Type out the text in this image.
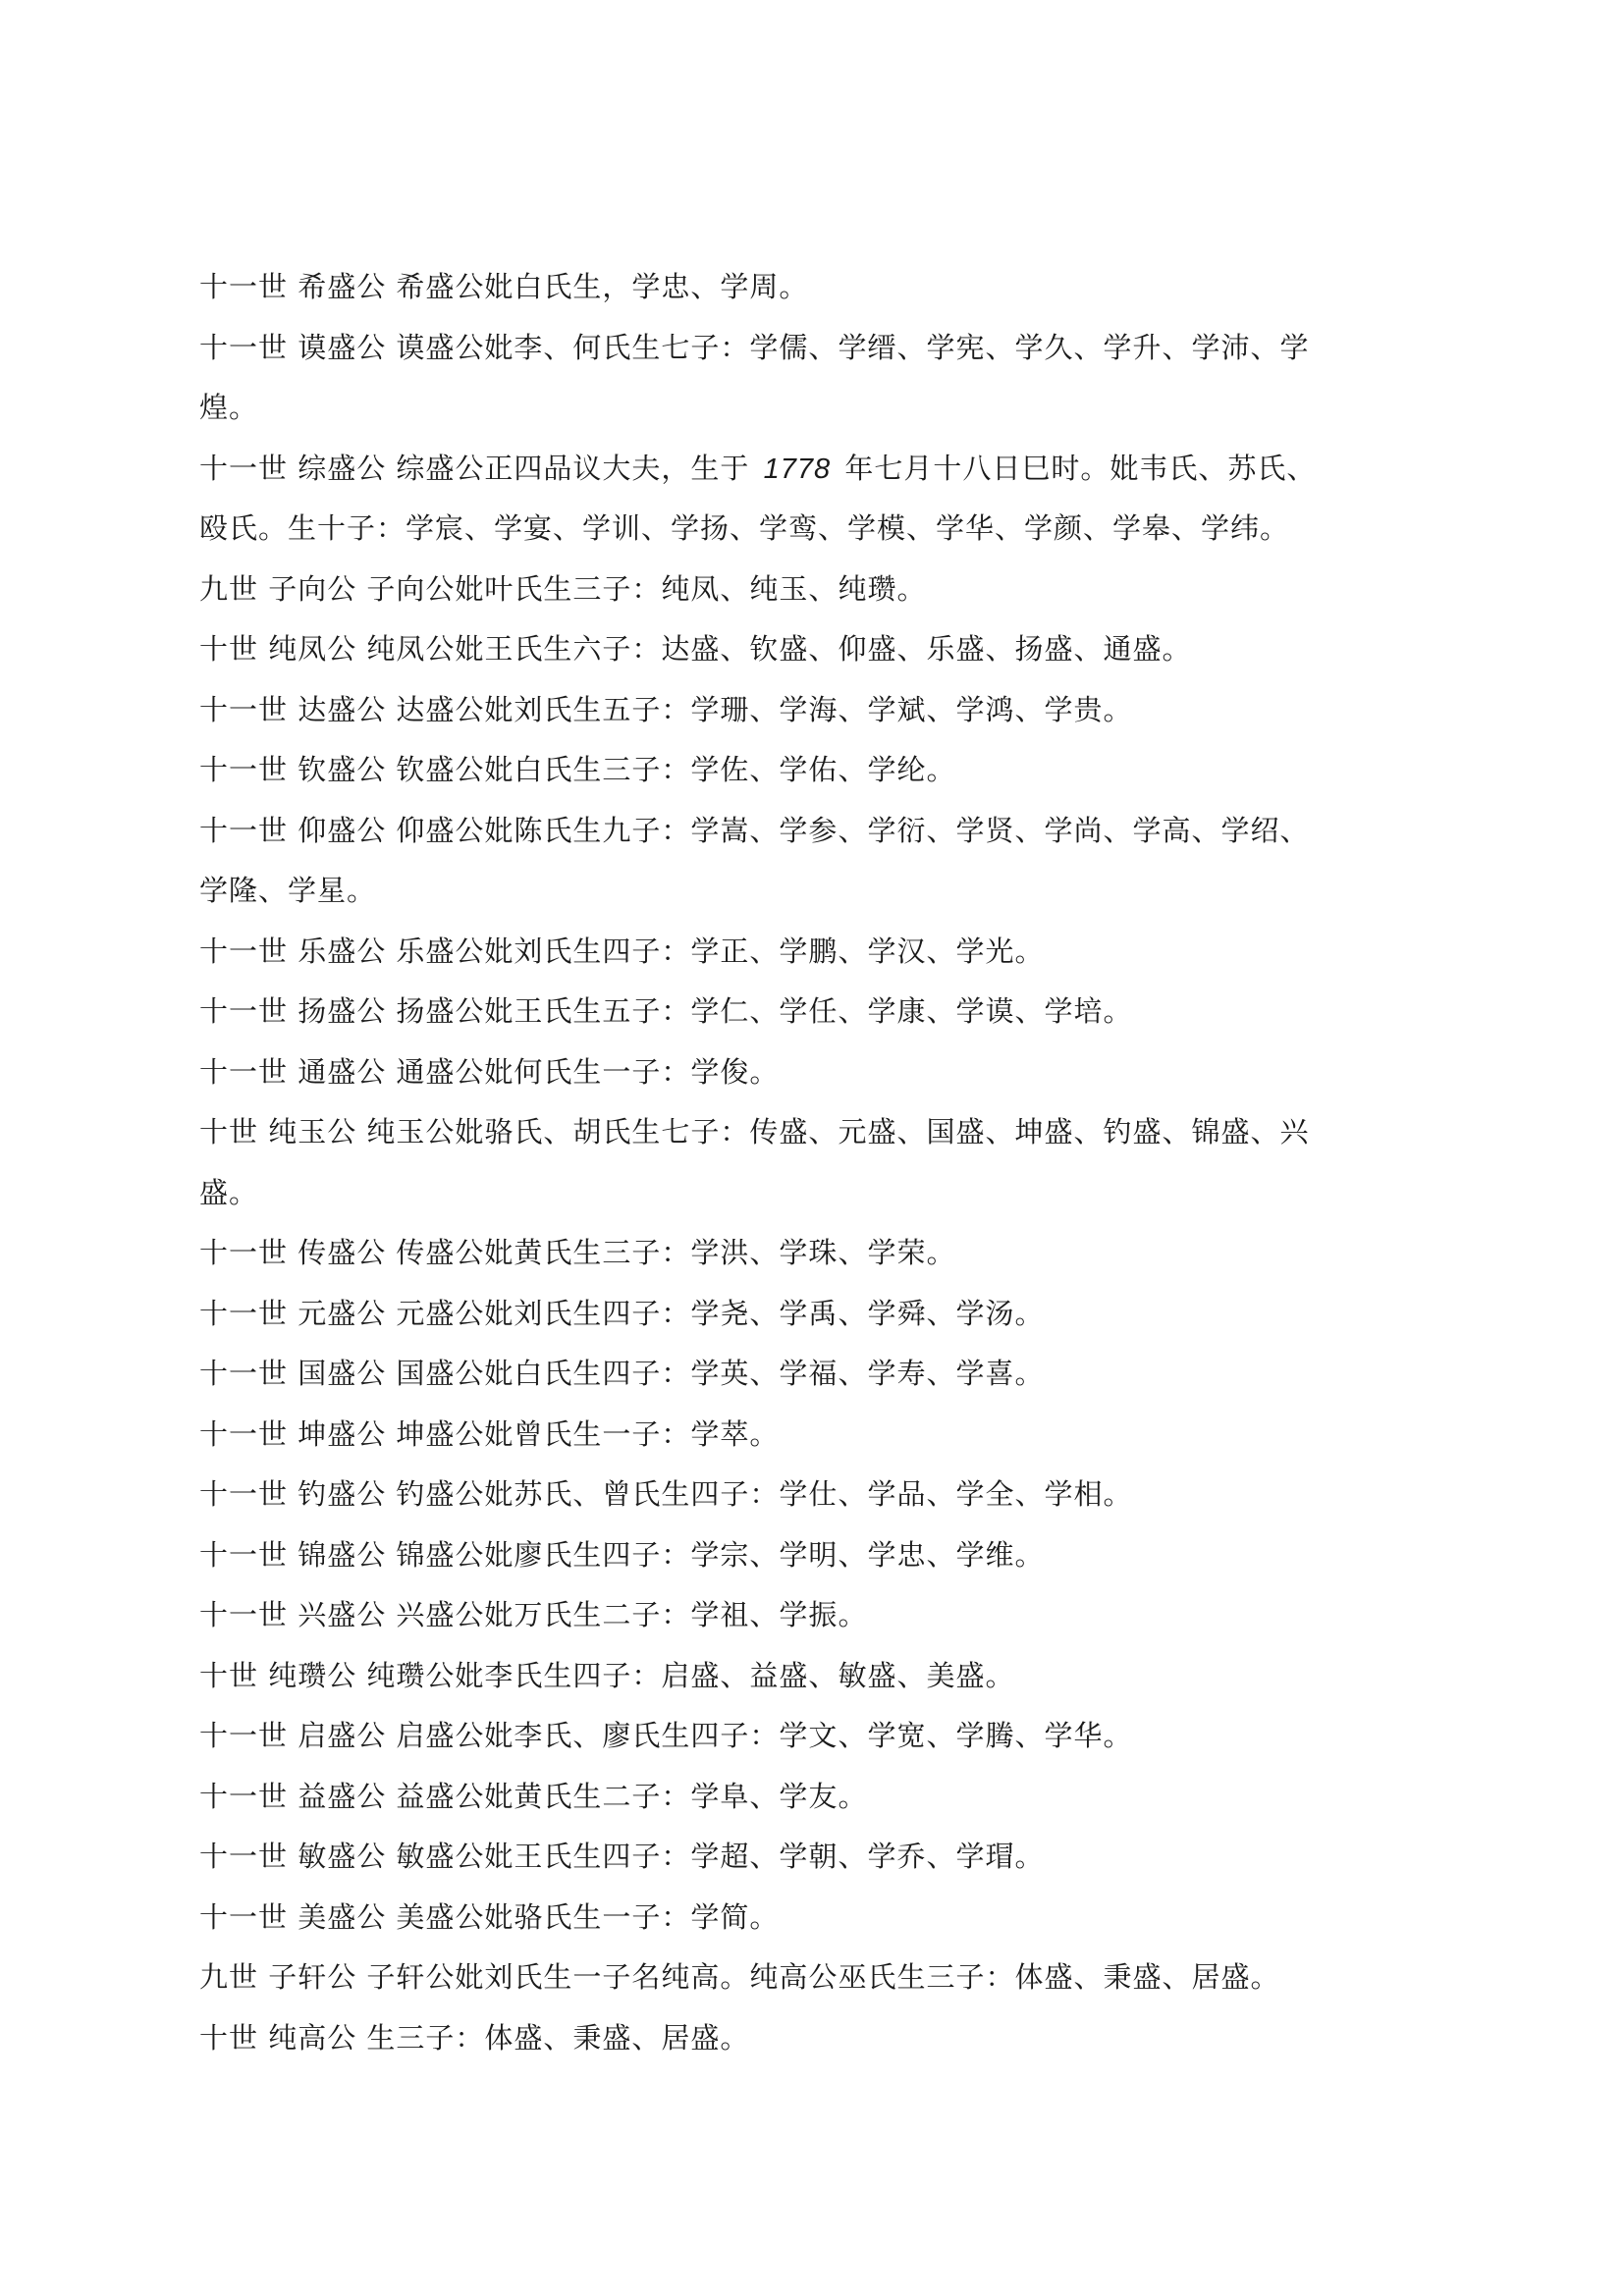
十一世 希盛公 希盛公妣白氏生，学忠、学周。
十一世 谟盛公 谟盛公妣李、何氏生七子：学儒、学缙、学宪、学久、学升、学沛、学
煌。
十一世 综盛公 综盛公正四品议大夫，生于 1778 年七月十八日巳时。妣韦氏、苏氏、
殴氏。生十子：学宸、学宴、学训、学扬、学鸾、学模、学华、学颜、学皋、学纬。
九世 子向公 子向公妣叶氏生三子：纯凤、纯玉、纯瓒。
十世 纯凤公 纯凤公妣王氏生六子：达盛、钦盛、仰盛、乐盛、扬盛、通盛。
十一世 达盛公 达盛公妣刘氏生五子：学珊、学海、学斌、学鸿、学贵。
十一世 钦盛公 钦盛公妣白氏生三子：学佐、学佑、学纶。
十一世 仰盛公 仰盛公妣陈氏生九子：学嵩、学参、学衍、学贤、学尚、学高、学绍、
学隆、学星。
十一世 乐盛公 乐盛公妣刘氏生四子：学正、学鹏、学汉、学光。
十一世 扬盛公 扬盛公妣王氏生五子：学仁、学任、学康、学谟、学培。
十一世 通盛公 通盛公妣何氏生一子：学俊。
十世 纯玉公 纯玉公妣骆氏、胡氏生七子：传盛、元盛、国盛、坤盛、钓盛、锦盛、兴
盛。
十一世 传盛公 传盛公妣黄氏生三子：学洪、学珠、学荣。
十一世 元盛公 元盛公妣刘氏生四子：学尧、学禹、学舜、学汤。
十一世 国盛公 国盛公妣白氏生四子：学英、学福、学寿、学喜。
十一世 坤盛公 坤盛公妣曾氏生一子：学萃。
十一世 钓盛公 钓盛公妣苏氏、曾氏生四子：学仕、学品、学全、学相。
十一世 锦盛公 锦盛公妣廖氏生四子：学宗、学明、学忠、学维。
十一世 兴盛公 兴盛公妣万氏生二子：学祖、学振。
十世 纯瓒公 纯瓒公妣李氏生四子：启盛、益盛、敏盛、美盛。
十一世 启盛公 启盛公妣李氏、廖氏生四子：学文、学宽、学腾、学华。
十一世 益盛公 益盛公妣黄氏生二子：学阜、学友。
十一世 敏盛公 敏盛公妣王氏生四子：学超、学朝、学乔、学瑁。
十一世 美盛公 美盛公妣骆氏生一子：学简。
九世 子轩公 子轩公妣刘氏生一子名纯高。纯高公巫氏生三子：体盛、秉盛、居盛。
十世 纯高公 生三子：体盛、秉盛、居盛。
